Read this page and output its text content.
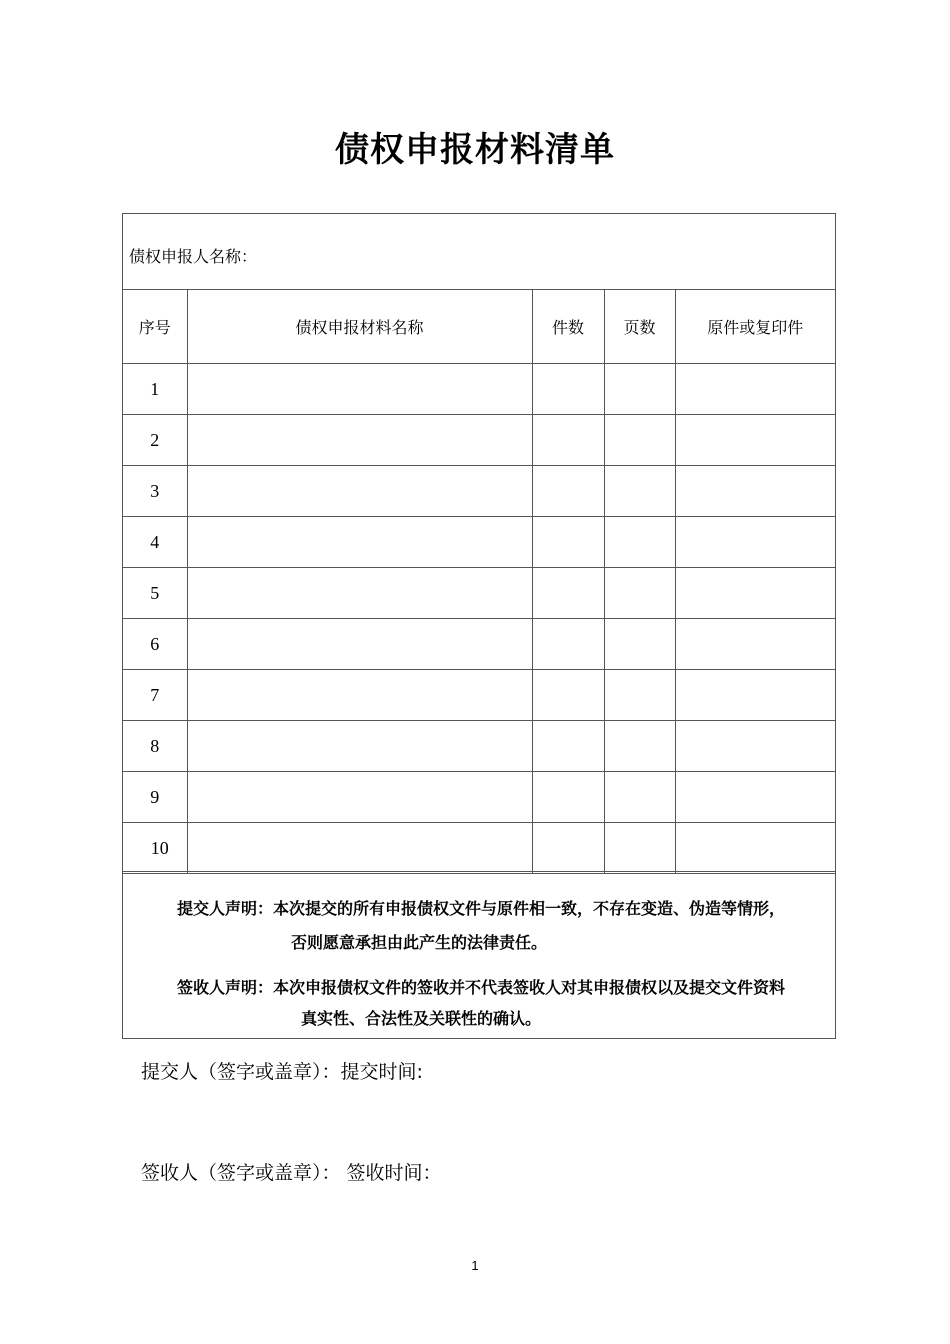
债权申报材料清单
债权申报人名称：
序号	债权申报材料名称	件数	页数	原件或复印件
1				
2				
3				
4				
5				
6				
7				
8				
9				
10				
提交人声明：本次提交的所有申报债权文件与原件相一致，不存在变造、伪造等情形，
否则愿意承担由此产生的法律责任。
签收人声明：本次申报债权文件的签收并不代表签收人对其申报债权以及提交文件资料
真实性、合法性及关联性的确认。
提交人（签字或盖章）：提交时间:
签收人（签字或盖章）： 签收时间：
1
